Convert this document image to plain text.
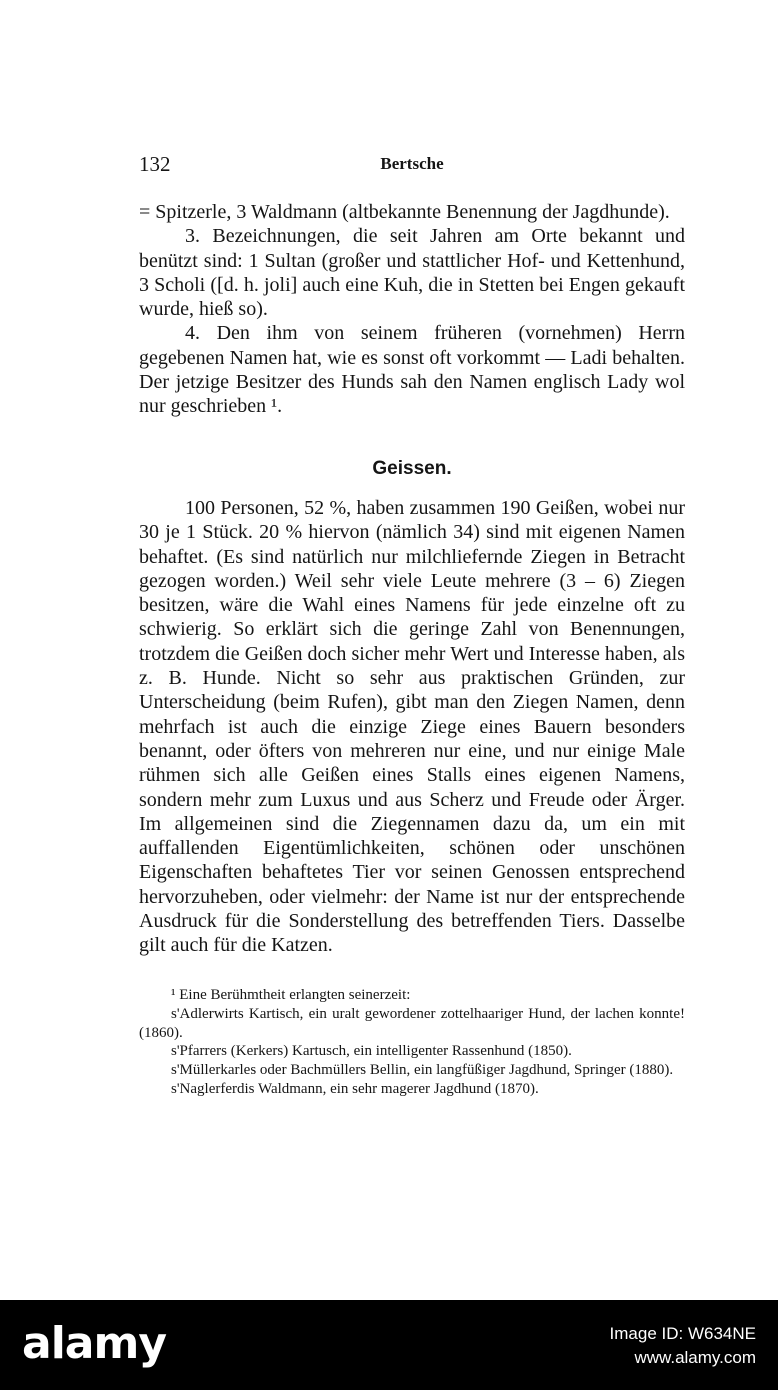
132	Bertsche

= Spitzerle, 3 Waldmann (altbekannte Benennung der Jagdhunde).

3. Bezeichnungen, die seit Jahren am Orte bekannt und benützt sind: 1 Sultan (großer und stattlicher Hof- und Kettenhund, 3 Scholi ([d. h. joli] auch eine Kuh, die in Stetten bei Engen gekauft wurde, hieß so).

4. Den ihm von seinem früheren (vornehmen) Herrn gegebenen Namen hat, wie es sonst oft vorkommt — Ladi behalten. Der jetzige Besitzer des Hunds sah den Namen englisch Lady wol nur geschrieben ¹.

Geissen.

100 Personen, 52 %, haben zusammen 190 Geißen, wobei nur 30 je 1 Stück. 20 % hiervon (nämlich 34) sind mit eigenen Namen behaftet. (Es sind natürlich nur milchliefernde Ziegen in Betracht gezogen worden.) Weil sehr viele Leute mehrere (3 – 6) Ziegen besitzen, wäre die Wahl eines Namens für jede einzelne oft zu schwierig. So erklärt sich die geringe Zahl von Benennungen, trotzdem die Geißen doch sicher mehr Wert und Interesse haben, als z. B. Hunde. Nicht so sehr aus praktischen Gründen, zur Unterscheidung (beim Rufen), gibt man den Ziegen Namen, denn mehrfach ist auch die einzige Ziege eines Bauern besonders benannt, oder öfters von mehreren nur eine, und nur einige Male rühmen sich alle Geißen eines Stalls eines eigenen Namens, sondern mehr zum Luxus und aus Scherz und Freude oder Ärger. Im allgemeinen sind die Ziegennamen dazu da, um ein mit auffallenden Eigentümlichkeiten, schönen oder unschönen Eigenschaften behaftetes Tier vor seinen Genossen entsprechend hervorzuheben, oder vielmehr: der Name ist nur der entsprechende Ausdruck für die Sonderstellung des betreffenden Tiers. Dasselbe gilt auch für die Katzen.

¹ Eine Berühmtheit erlangten seinerzeit:

s'Adlerwirts Kartisch, ein uralt gewordener zottelhaariger Hund, der lachen konnte! (1860).

s'Pfarrers (Kerkers) Kartusch, ein intelligenter Rassenhund (1850).

s'Müllerkarles oder Bachmüllers Bellin, ein langfüßiger Jagdhund, Springer (1880).

s'Naglerferdis Waldmann, ein sehr magerer Jagdhund (1870).

alamy	Image ID: W634NE
www.alamy.com
